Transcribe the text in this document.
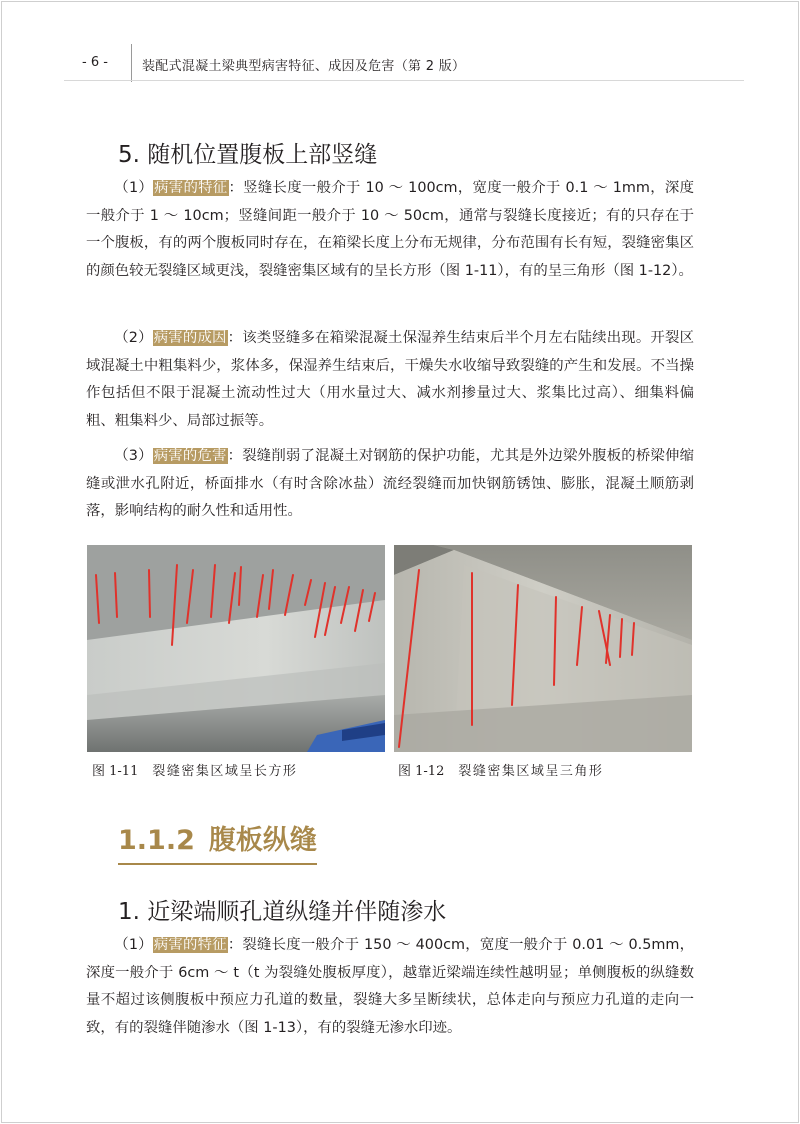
- 6 -	装配式混凝土梁典型病害特征、成因及危害（第 2 版）
5. 随机位置腹板上部竖缝

（1）病害的特征：竖缝长度一般介于 10 ～ 100cm，宽度一般介于 0.1 ～ 1mm，深度一般介于 1 ～ 10cm；竖缝间距一般介于 10 ～ 50cm，通常与裂缝长度接近；有的只存在于一个腹板，有的两个腹板同时存在，在箱梁长度上分布无规律，分布范围有长有短，裂缝密集区的颜色较无裂缝区域更浅，裂缝密集区域有的呈长方形（图 1-11），有的呈三角形（图 1-12）。

（2）病害的成因：该类竖缝多在箱梁混凝土保湿养生结束后半个月左右陆续出现。开裂区域混凝土中粗集料少，浆体多，保湿养生结束后，干燥失水收缩导致裂缝的产生和发展。不当操作包括但不限于混凝土流动性过大（用水量过大、减水剂掺量过大、浆集比过高）、细集料偏粗、粗集料少、局部过振等。

（3）病害的危害：裂缝削弱了混凝土对钢筋的保护功能，尤其是外边梁外腹板的桥梁伸缩缝或泄水孔附近，桥面排水（有时含除冰盐）流经裂缝而加快钢筋锈蚀、膨胀，混凝土顺筋剥落，影响结构的耐久性和适用性。

图 1-11 裂缝密集区域呈长方形	图 1-12 裂缝密集区域呈三角形
1.1.2 腹板纵缝
1. 近梁端顺孔道纵缝并伴随渗水

（1）病害的特征：裂缝长度一般介于 150 ～ 400cm，宽度一般介于 0.01 ～ 0.5mm，深度一般介于 6cm ～ t（t 为裂缝处腹板厚度），越靠近梁端连续性越明显；单侧腹板的纵缝数量不超过该侧腹板中预应力孔道的数量，裂缝大多呈断续状，总体走向与预应力孔道的走向一致，有的裂缝伴随渗水（图 1-13），有的裂缝无渗水印迹。
